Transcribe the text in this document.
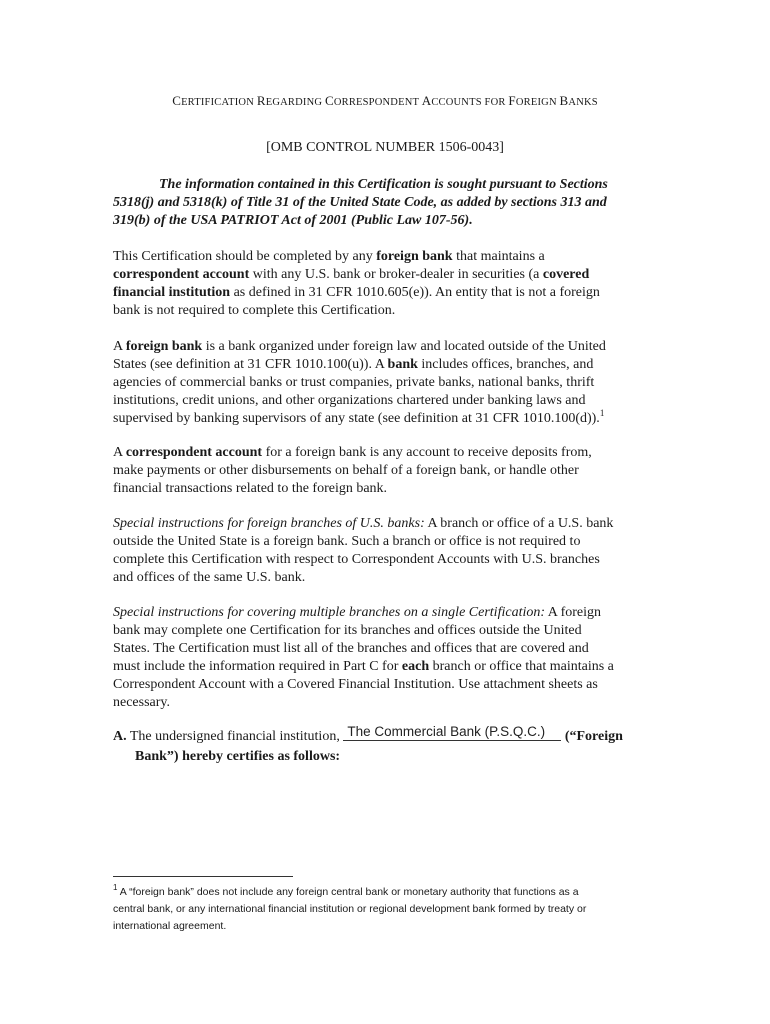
CERTIFICATION REGARDING CORRESPONDENT ACCOUNTS FOR FOREIGN BANKS
[OMB CONTROL NUMBER 1506-0043]
The information contained in this Certification is sought pursuant to Sections
5318(j) and 5318(k) of Title 31 of the United State Code, as added by sections 313 and
319(b) of the USA PATRIOT Act of 2001 (Public Law 107-56).
This Certification should be completed by any foreign bank that maintains a
correspondent account with any U.S. bank or broker-dealer in securities (a covered
financial institution as defined in 31 CFR 1010.605(e)). An entity that is not a foreign
bank is not required to complete this Certification.
A foreign bank is a bank organized under foreign law and located outside of the United
States (see definition at 31 CFR 1010.100(u)). A bank includes offices, branches, and
agencies of commercial banks or trust companies, private banks, national banks, thrift
institutions, credit unions, and other organizations chartered under banking laws and
supervised by banking supervisors of any state (see definition at 31 CFR 1010.100(d)).$^1$
A correspondent account for a foreign bank is any account to receive deposits from,
make payments or other disbursements on behalf of a foreign bank, or handle other
financial transactions related to the foreign bank.
Special instructions for foreign branches of U.S. banks: A branch or office of a U.S. bank
outside the United State is a foreign bank. Such a branch or office is not required to
complete this Certification with respect to Correspondent Accounts with U.S. branches
and offices of the same U.S. bank.
Special instructions for covering multiple branches on a single Certification: A foreign
bank may complete one Certification for its branches and offices outside the United
States. The Certification must list all of the branches and offices that are covered and
must include the information required in Part C for each branch or office that maintains a
Correspondent Account with a Covered Financial Institution. Use attachment sheets as
necessary.
A. The undersigned financial institution, The Commercial Bank (P.S.Q.C.) (“Foreign
Bank”) hereby certifies as follows:
$^1$ A “foreign bank” does not include any foreign central bank or monetary authority that functions as a
central bank, or any international financial institution or regional development bank formed by treaty or
international agreement.
